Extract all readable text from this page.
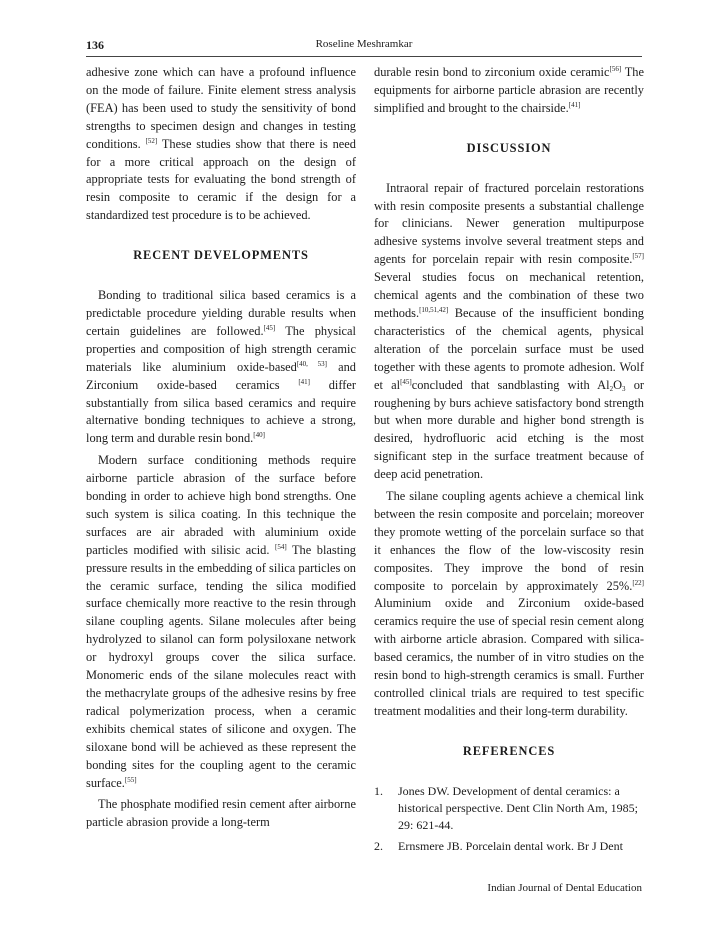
136	Roseline Meshramkar

adhesive zone which can have a profound influence on the mode of failure. Finite element stress analysis (FEA) has been used to study the sensitivity of bond strengths to specimen design and changes in testing conditions. [52] These studies show that there is need for a more critical approach on the design of appropriate tests for evaluating the bond strength of resin composite to ceramic if the design for a standardized test procedure is to be achieved.

RECENT DEVELOPMENTS

Bonding to traditional silica based ceramics is a predictable procedure yielding durable results when certain guidelines are followed.[45] The physical properties and composition of high strength ceramic materials like aluminium oxide-based[40, 53] and Zirconium oxide-based ceramics [41] differ substantially from silica based ceramics and require alternative bonding techniques to achieve a strong, long term and durable resin bond.[40]

Modern surface conditioning methods require airborne particle abrasion of the surface before bonding in order to achieve high bond strengths. One such system is silica coating. In this technique the surfaces are air abraded with aluminium oxide particles modified with silisic acid. [54] The blasting pressure results in the embedding of silica particles on the ceramic surface, tending the silica modified surface chemically more reactive to the resin through silane coupling agents. Silane molecules after being hydrolyzed to silanol can form polysiloxane network or hydroxyl groups cover the silica surface. Monomeric ends of the silane molecules react with the methacrylate groups of the adhesive resins by free radical polymerization process, when a ceramic exhibits chemical states of silicone and oxygen. The siloxane bond will be achieved as these represent the bonding sites for the coupling agent to the ceramic surface.[55]

The phosphate modified resin cement after airborne particle abrasion provide a long-term

durable resin bond to zirconium oxide ceramic[56] The equipments for airborne particle abrasion are recently simplified and brought to the chairside.[41]

DISCUSSION

Intraoral repair of fractured porcelain restorations with resin composite presents a substantial challenge for clinicians. Newer generation multipurpose adhesive systems involve several treatment steps and agents for porcelain repair with resin composite.[57] Several studies focus on mechanical retention, chemical agents and the combination of these two methods.[10,51,42] Because of the insufficient bonding characteristics of the chemical agents, physical alteration of the porcelain surface must be used together with these agents to promote adhesion. Wolf et al[45]concluded that sandblasting with $Al_2O_3$ or roughening by burs achieve satisfactory bond strength but when more durable and higher bond strength is desired, hydrofluoric acid etching is the most significant step in the surface treatment because of deep acid penetration.

The silane coupling agents achieve a chemical link between the resin composite and porcelain; moreover they promote wetting of the porcelain surface so that it enhances the flow of the low-viscosity resin composites. They improve the bond of resin composite to porcelain by approximately 25%.[22] Aluminium oxide and Zirconium oxide-based ceramics require the use of special resin cement along with airborne article abrasion. Compared with silica-based ceramics, the number of in vitro studies on the resin bond to high-strength ceramics is small. Further controlled clinical trials are required to test specific treatment modalities and their long-term durability.

REFERENCES

1.	Jones DW. Development of dental ceramics: a historical perspective. Dent Clin North Am, 1985; 29: 621-44.
2.	Ernsmere JB. Porcelain dental work. Br J Dent
Indian Journal of Dental Education
